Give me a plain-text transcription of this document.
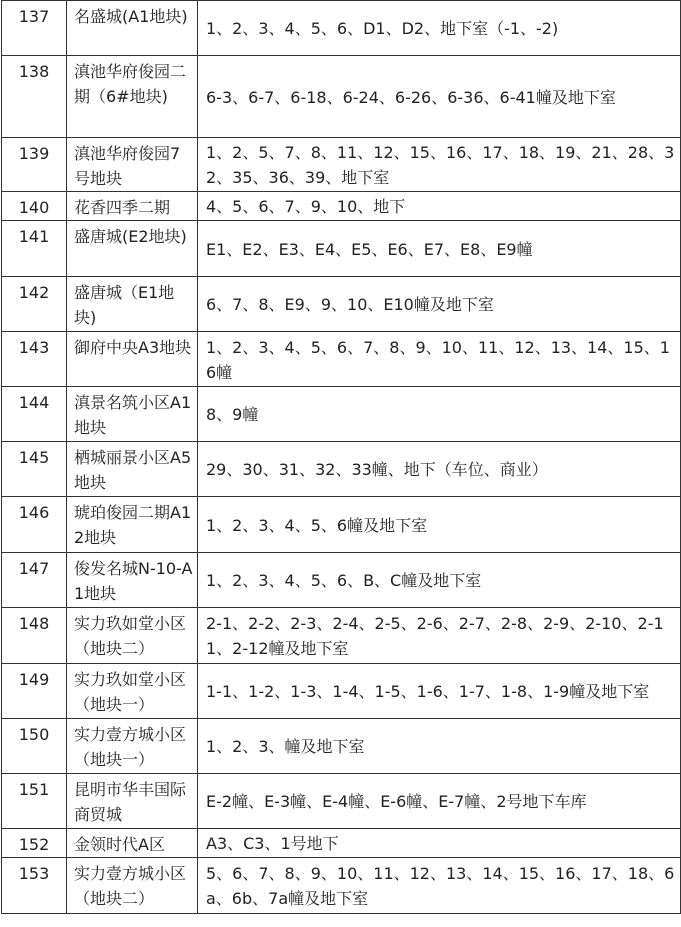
137	名盛城(A1地块)	1、2、3、4、5、6、D1、D2、地下室（-1、-2)
138	滇池华府俊园二期（6#地块)	6-3、6-7、6-18、6-24、6-26、6-36、6-41幢及地下室
139	滇池华府俊园7号地块	1、2、5、7、8、11、12、15、16、17、18、19、21、28、32、35、36、39、地下室
140	花香四季二期	4、5、6、7、9、10、地下
141	盛唐城(E2地块)	E1、E2、E3、E4、E5、E6、E7、E8、E9幢
142	盛唐城（E1地块)	6、7、8、E9、9、10、E10幢及地下室
143	御府中央A3地块	1、2、3、4、5、6、7、8、9、10、11、12、13、14、15、16幢
144	滇景名筑小区A1地块	8、9幢
145	栖城丽景小区A5地块	29、30、31、32、33幢、地下（车位、商业）
146	琥珀俊园二期A12地块	1、2、3、4、5、6幢及地下室
147	俊发名城N-10-A1地块	1、2、3、4、5、6、B、C幢及地下室
148	实力玖如堂小区（地块二）	2-1、2-2、2-3、2-4、2-5、2-6、2-7、2-8、2-9、2-10、2-11、2-12幢及地下室
149	实力玖如堂小区（地块一）	1-1、1-2、1-3、1-4、1-5、1-6、1-7、1-8、1-9幢及地下室
150	实力壹方城小区（地块一）	1、2、3、幢及地下室
151	昆明市华丰国际商贸城	E-2幢、E-3幢、E-4幢、E-6幢、E-7幢、2号地下车库
152	金领时代A区	A3、C3、1号地下
153	实力壹方城小区（地块二）	5、6、7、8、9、10、11、12、13、14、15、16、17、18、6a、6b、7a幢及地下室
